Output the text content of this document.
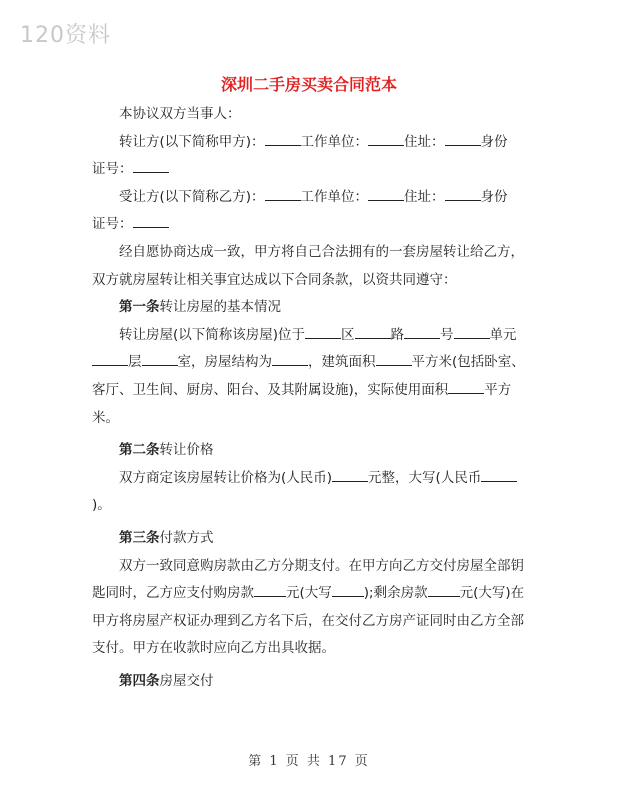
120资料
深圳二手房买卖合同范本

本协议双方当事人：

转让方(以下简称甲方)：	工作单位：	住址：	身份

证号：

受让方(以下简称乙方)：	工作单位：	住址：	身份

证号：

经自愿协商达成一致，甲方将自己合法拥有的一套房屋转让给乙方，双方就房屋转让相关事宜达成以下合同条款，以资共同遵守：

第一条转让房屋的基本情况

转让房屋(以下简称该房屋)位于	区	路	号	单元层	室，房屋结构为	，建筑面积	平方米(包括卧室、客厅、卫生间、厨房、阳台、及其附属设施)，实际使用面积	平方米。

第二条转让价格

双方商定该房屋转让价格为(人民币)	元整，大写(人民币)。

第三条付款方式

双方一致同意购房款由乙方分期支付。在甲方向乙方交付房屋全部钥匙同时，乙方应支付购房款 元(大写 );剩余房款 元(大写)在甲方将房屋产权证办理到乙方名下后，在交付乙方房产证同时由乙方全部支付。甲方在收款时应向乙方出具收据。

第四条房屋交付

第 1 页 共 17 页
